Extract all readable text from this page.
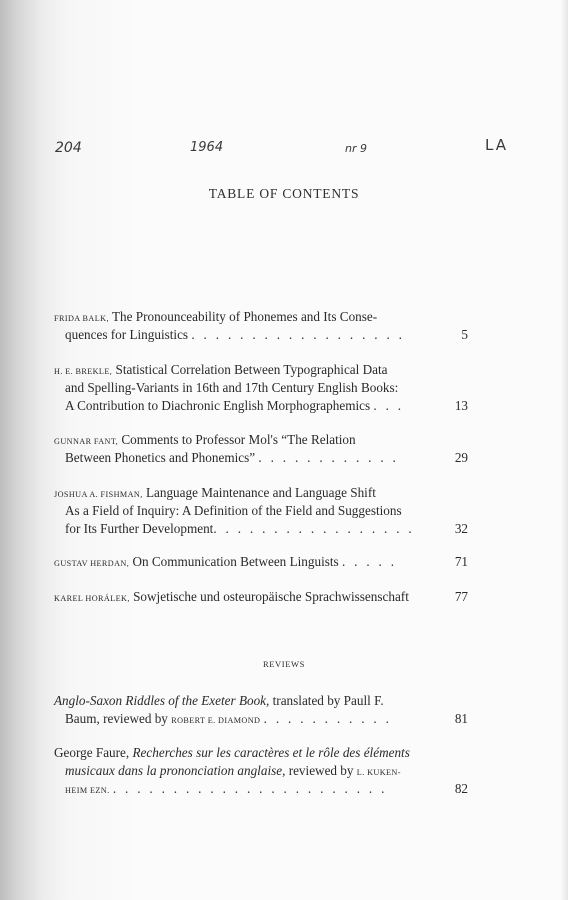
204	1964	nr 9	LA
TABLE OF CONTENTS
FRIDA BALK, The Pronounceability of Phonemes and Its Conse-
quences for Linguistics . . . . . . . . . . . . . . . . . .	5
H. E. BREKLE, Statistical Correlation Between Typographical Data
and Spelling-Variants in 16th and 17th Century English Books:
A Contribution to Diachronic English Morphographemics . . .	13
GUNNAR FANT, Comments to Professor Mol's “The Relation
Between Phonetics and Phonemics” . . . . . . . . . . . .	29
JOSHUA A. FISHMAN, Language Maintenance and Language Shift
As a Field of Inquiry: A Definition of the Field and Suggestions
for Its Further Development. . . . . . . . . . . . . . . . .	32
GUSTAV HERDAN, On Communication Between Linguists . . . . .	71
KAREL HORÁLEK, Sowjetische und osteuropäische Sprachwissenschaft	77
REVIEWS
Anglo-Saxon Riddles of the Exeter Book, translated by Paull F.
Baum, reviewed by ROBERT E. DIAMOND . . . . . . . . . . .	81
George Faure, Recherches sur les caractères et le rôle des éléments
musicaux dans la prononciation anglaise, reviewed by L. KUKEN-
HEIM EZN. . . . . . . . . . . . . . . . . . . . . . . .	82
